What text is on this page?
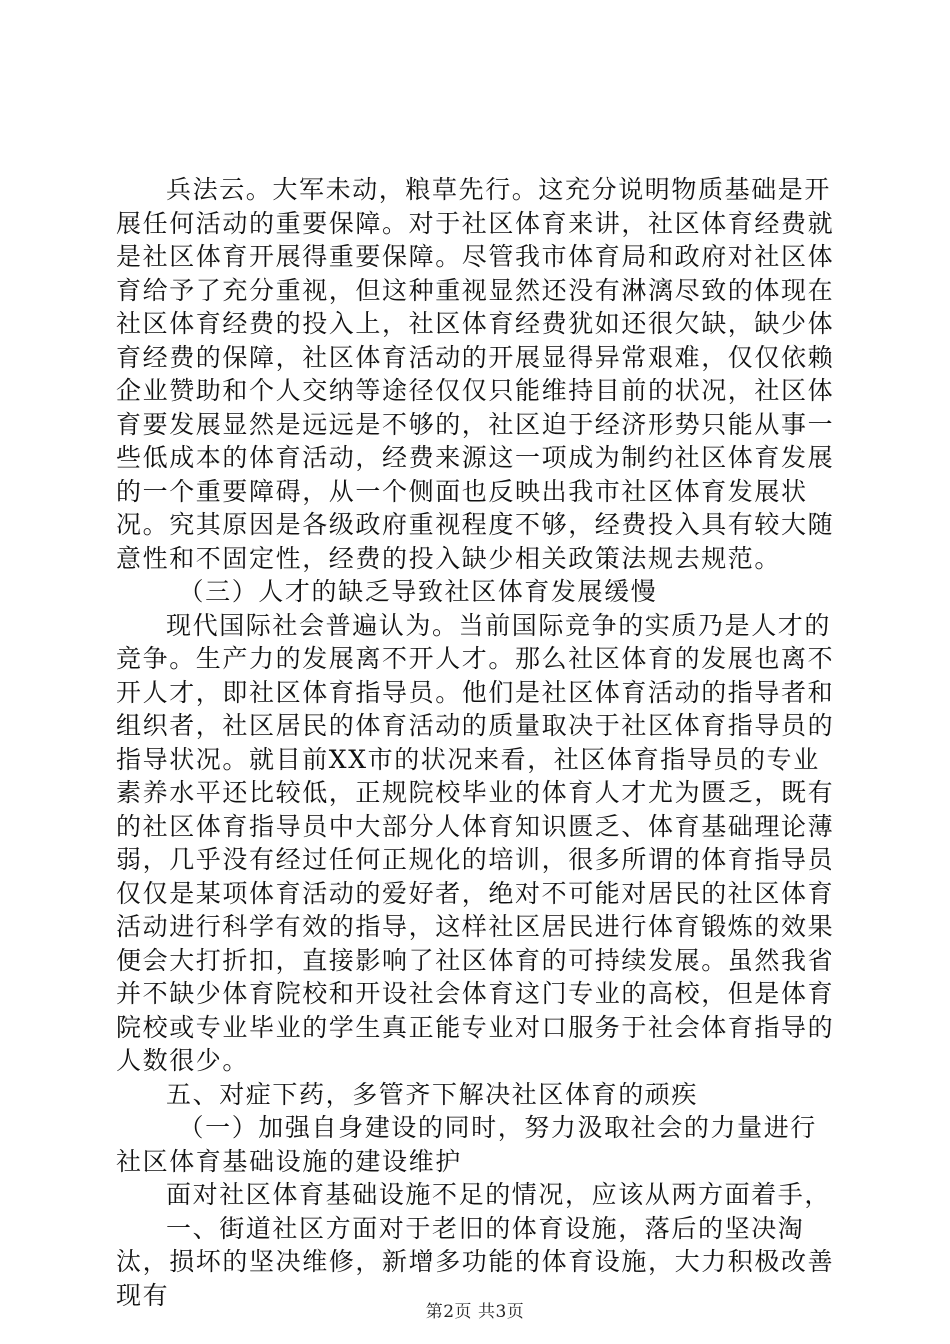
兵法云。大军未动，粮草先行。这充分说明物质基础是开展任何活动的重要保障。对于社区体育来讲，社区体育经费就是社区体育开展得重要保障。尽管我市体育局和政府对社区体育给予了充分重视，但这种重视显然还没有淋漓尽致的体现在社区体育经费的投入上，社区体育经费犹如还很欠缺，缺少体育经费的保障，社区体育活动的开展显得异常艰难，仅仅依赖企业赞助和个人交纳等途径仅仅只能维持目前的状况，社区体育要发展显然是远远是不够的，社区迫于经济形势只能从事一些低成本的体育活动，经费来源这一项成为制约社区体育发展的一个重要障碍，从一个侧面也反映出我市社区体育发展状况。究其原因是各级政府重视程度不够，经费投入具有较大随意性和不固定性，经费的投入缺少相关政策法规去规范。

（三）人才的缺乏导致社区体育发展缓慢

现代国际社会普遍认为。当前国际竞争的实质乃是人才的竞争。生产力的发展离不开人才。那么社区体育的发展也离不开人才，即社区体育指导员。他们是社区体育活动的指导者和组织者，社区居民的体育活动的质量取决于社区体育指导员的指导状况。就目前XX市的状况来看，社区体育指导员的专业素养水平还比较低，正规院校毕业的体育人才尤为匮乏，既有的社区体育指导员中大部分人体育知识匮乏、体育基础理论薄弱，几乎没有经过任何正规化的培训，很多所谓的体育指导员仅仅是某项体育活动的爱好者，绝对不可能对居民的社区体育活动进行科学有效的指导，这样社区居民进行体育锻炼的效果便会大打折扣，直接影响了社区体育的可持续发展。虽然我省并不缺少体育院校和开设社会体育这门专业的高校，但是体育院校或专业毕业的学生真正能专业对口服务于社会体育指导的人数很少。

五、对症下药，多管齐下解决社区体育的顽疾

（一）加强自身建设的同时，努力汲取社会的力量进行社区体育基础设施的建设维护

面对社区体育基础设施不足的情况，应该从两方面着手，

一、街道社区方面对于老旧的体育设施，落后的坚决淘汰，损坏的坚决维修，新增多功能的体育设施，大力积极改善现有

第2页 共3页
